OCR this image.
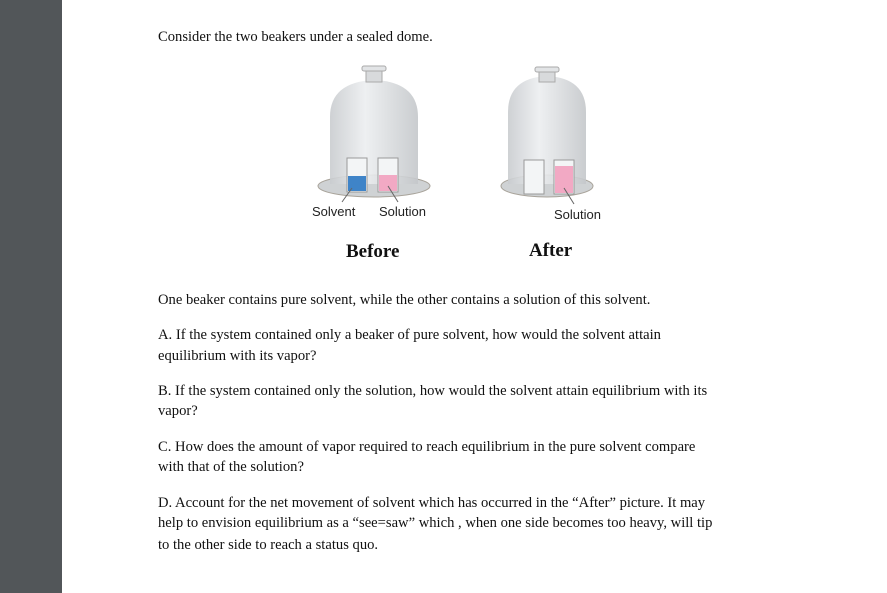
Consider the two beakers under a sealed dome.
Solvent Solution	Solution
Before	After
One beaker contains pure solvent, while the other contains a solution of this solvent.
A. If the system contained only a beaker of pure solvent, how would the solvent attain
equilibrium with its vapor?
B. If the system contained only the solution, how would the solvent attain equilibrium with its
vapor?
C. How does the amount of vapor required to reach equilibrium in the pure solvent compare
with that of the solution?
D. Account for the net movement of solvent which has occurred in the “After” picture. It may
help to envision equilibrium as a “see=saw” which , when one side becomes too heavy, will tip
to the other side to reach a status quo.
